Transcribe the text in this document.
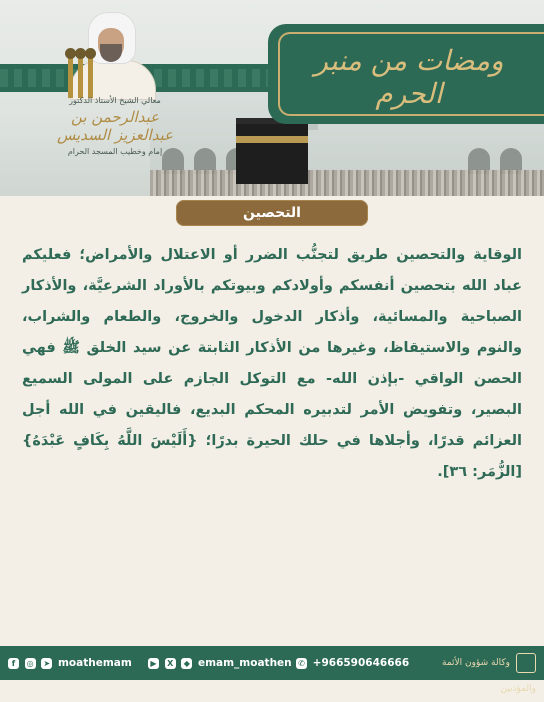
ومضات من منبر الحرم
معالي الشيخ الأستاذ الدكتور
عبدالرحمن بن عبدالعزيز السديس
إمام وخطيب المسجد الحرام
التحصين
الوقاية والتحصين طريق لتجنُّب الضرر أو الاعتلال والأمراض؛ فعليكم عباد الله بتحصين أنفسكم وأولادكم وبيوتكم بالأوراد الشرعيَّة، والأذكار الصباحية والمسائية، وأذكار الدخول والخروج، والطعام والشراب، والنوم والاستيقاظ، وغيرها من الأذكار الثابتة عن سيد الخلق ﷺ فهي الحصن الواقي -بإذن الله- مع التوكل الجازم على المولى السميع البصير، وتفويض الأمر لتدبيره المحكم البديع، فاليقين في الله أجل العزائم قدرًا، وأجلاها في حلك الحيرة بدرًا؛ {أَلَيْسَ اللَّهُ بِكَافٍ عَبْدَهُ} [الزُّمَر: ٣٦].
f ◎ ➤ moathemam	▶ X ◆ emam_moathen ✆ +966590646666	وكالة شؤون الأئمة والمؤذنين
